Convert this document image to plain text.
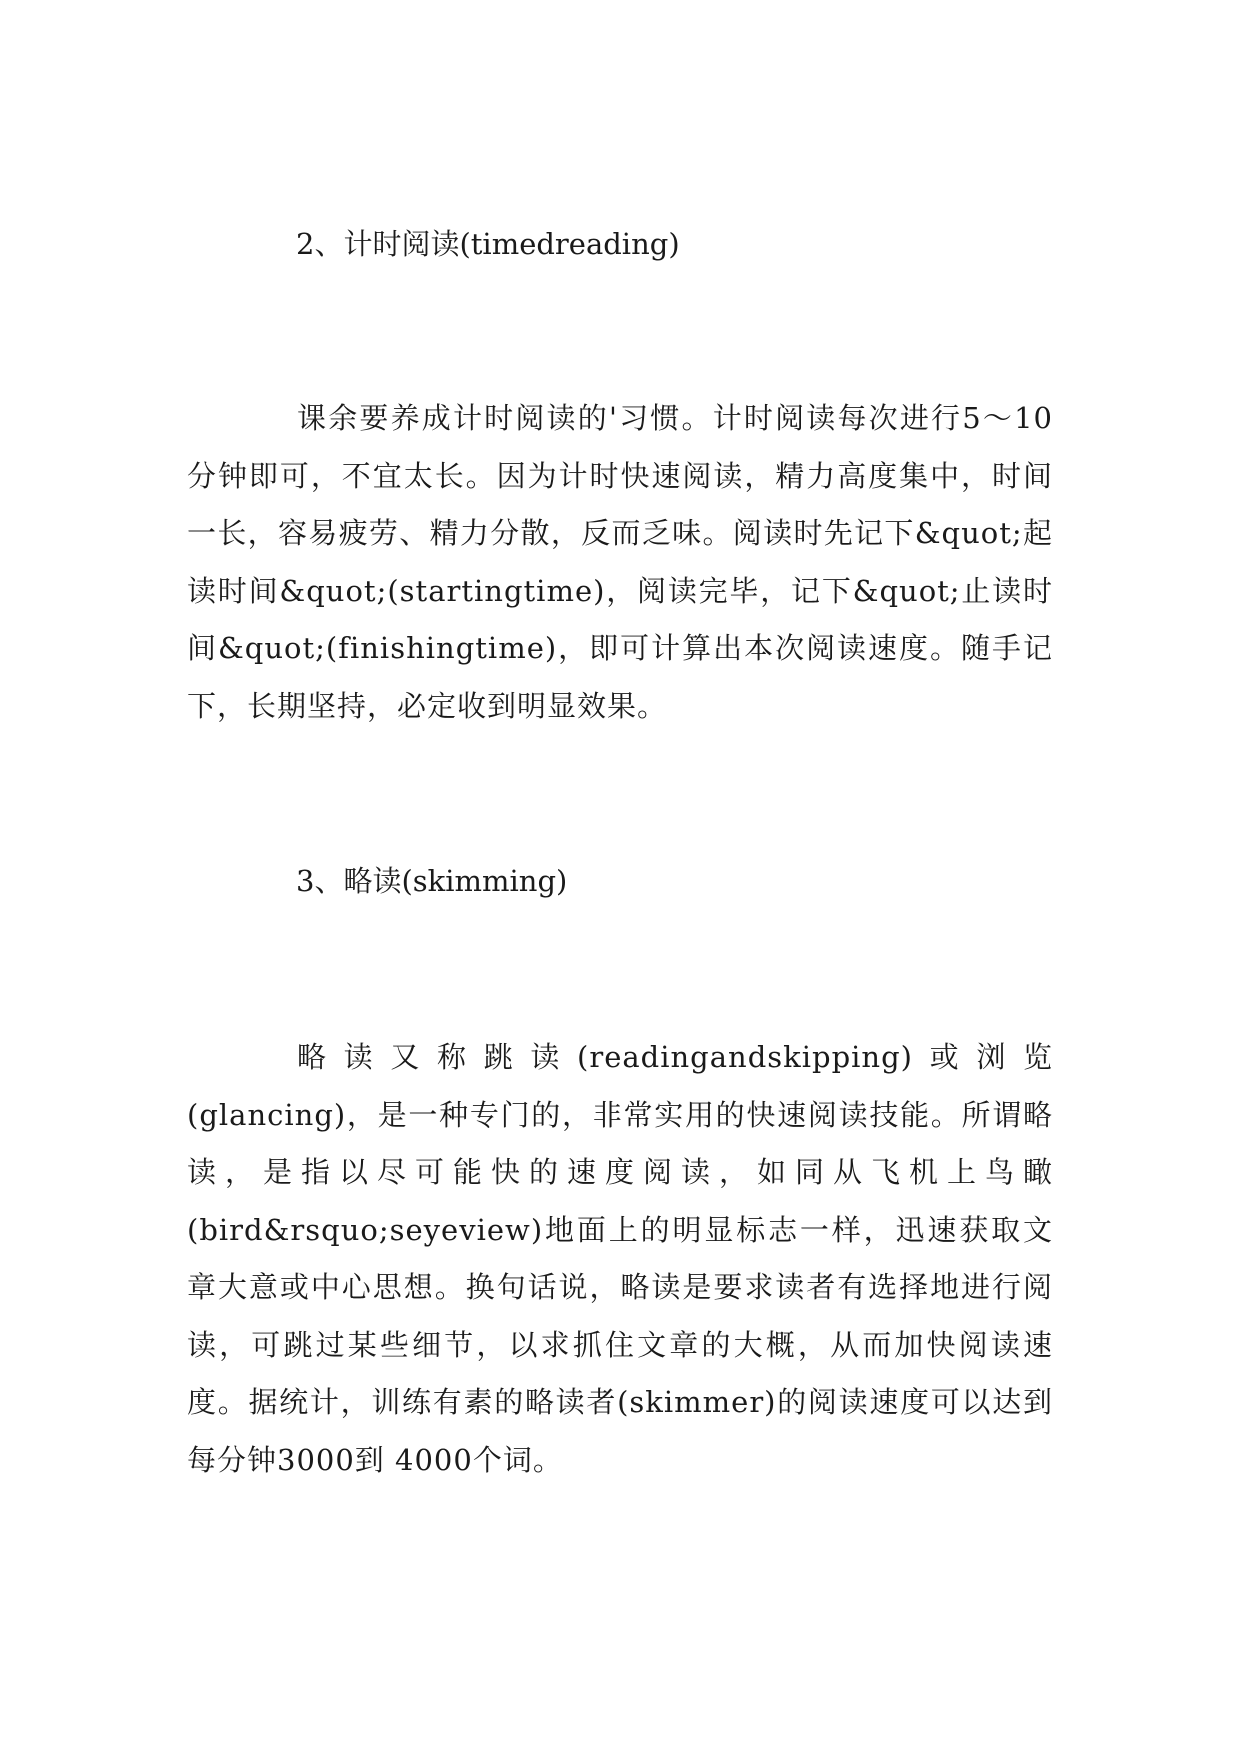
2、计时阅读(timedreading)

课余要养成计时阅读的'习惯。计时阅读每次进行5～10分钟即可，不宜太长。因为计时快速阅读，精力高度集中，时间一长，容易疲劳、精力分散，反而乏味。阅读时先记下&quot;起读时间&quot;(startingtime)，阅读完毕，记下&quot;止读时间&quot;(finishingtime)，即可计算出本次阅读速度。随手记下，长期坚持，必定收到明显效果。

3、略读(skimming)

略读又称跳读(readingandskipping)或浏览(glancing)，是一种专门的，非常实用的快速阅读技能。所谓略读，是指以尽可能快的速度阅读，如同从飞机上鸟瞰(bird&rsquo;seyeview)地面上的明显标志一样，迅速获取文章大意或中心思想。换句话说，略读是要求读者有选择地进行阅读，可跳过某些细节，以求抓住文章的大概，从而加快阅读速度。据统计，训练有素的略读者(skimmer)的阅读速度可以达到每分钟3000到 4000个词。
